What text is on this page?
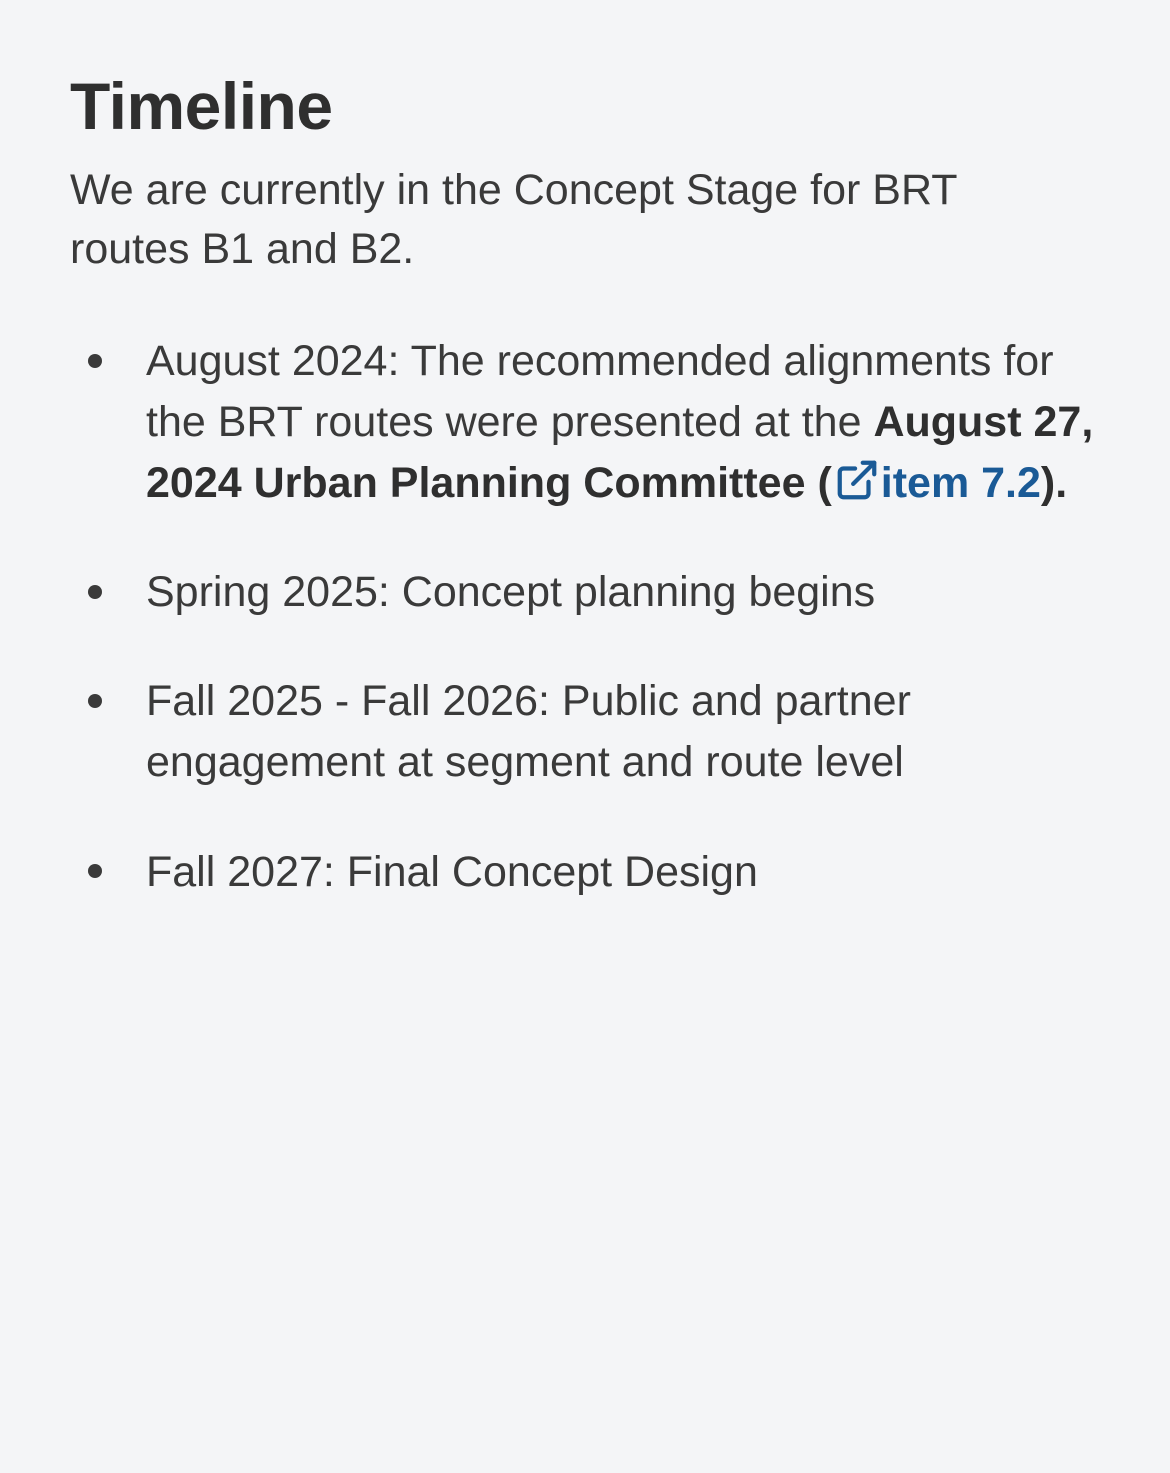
Timeline

We are currently in the Concept Stage for BRT routes B1 and B2.

August 2024: The recommended alignments for the BRT routes were presented at the August 27, 2024 Urban Planning Committee ( item 7.2).
Spring 2025: Concept planning begins
Fall 2025 - Fall 2026: Public and partner engagement at segment and route level
Fall 2027: Final Concept Design
